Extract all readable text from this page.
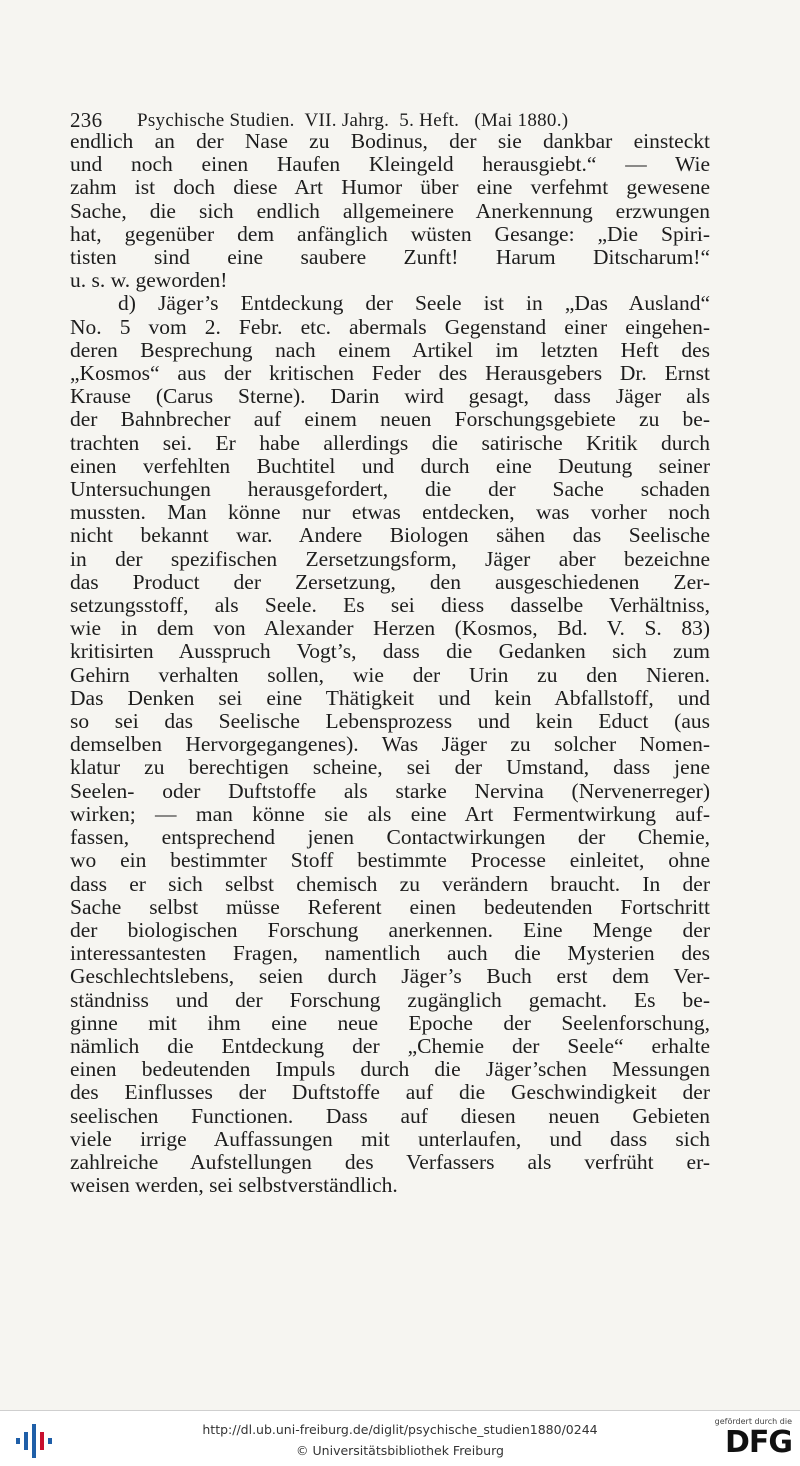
236 Psychische Studien.  VII. Jahrg.  5. Heft.   (Mai 1880.)
endlich an der Nase zu Bodinus, der sie dankbar einsteckt
und noch einen Haufen Kleingeld herausgiebt.“ — Wie
zahm ist doch diese Art Humor über eine verfehmt gewesene
Sache, die sich endlich allgemeinere Anerkennung erzwungen
hat, gegenüber dem anfänglich wüsten Gesange: „Die Spiri-
tisten sind eine saubere Zunft! Harum Ditscharum!“
u. s. w. geworden!
d) Jäger’s Entdeckung der Seele ist in „Das Ausland“
No. 5 vom 2. Febr. etc. abermals Gegenstand einer eingehen-
deren Besprechung nach einem Artikel im letzten Heft des
„Kosmos“ aus der kritischen Feder des Herausgebers Dr. Ernst
Krause (Carus Sterne). Darin wird gesagt, dass Jäger als
der Bahnbrecher auf einem neuen Forschungsgebiete zu be-
trachten sei. Er habe allerdings die satirische Kritik durch
einen verfehlten Buchtitel und durch eine Deutung seiner
Untersuchungen herausgefordert, die der Sache schaden
mussten. Man könne nur etwas entdecken, was vorher noch
nicht bekannt war. Andere Biologen sähen das Seelische
in der spezifischen Zersetzungsform, Jäger aber bezeichne
das Product der Zersetzung, den ausgeschiedenen Zer-
setzungsstoff, als Seele. Es sei diess dasselbe Verhältniss,
wie in dem von Alexander Herzen (Kosmos, Bd. V. S. 83)
kritisirten Ausspruch Vogt’s, dass die Gedanken sich zum
Gehirn verhalten sollen, wie der Urin zu den Nieren.
Das Denken sei eine Thätigkeit und kein Abfallstoff, und
so sei das Seelische Lebensprozess und kein Educt (aus
demselben Hervorgegangenes). Was Jäger zu solcher Nomen-
klatur zu berechtigen scheine, sei der Umstand, dass jene
Seelen- oder Duftstoffe als starke Nervina (Nervenerreger)
wirken; — man könne sie als eine Art Fermentwirkung auf-
fassen, entsprechend jenen Contactwirkungen der Chemie,
wo ein bestimmter Stoff bestimmte Processe einleitet, ohne
dass er sich selbst chemisch zu verändern braucht. In der
Sache selbst müsse Referent einen bedeutenden Fortschritt
der biologischen Forschung anerkennen. Eine Menge der
interessantesten Fragen, namentlich auch die Mysterien des
Geschlechtslebens, seien durch Jäger’s Buch erst dem Ver-
ständniss und der Forschung zugänglich gemacht. Es be-
ginne mit ihm eine neue Epoche der Seelenforschung,
nämlich die Entdeckung der „Chemie der Seele“ erhalte
einen bedeutenden Impuls durch die Jäger’schen Messungen
des Einflusses der Duftstoffe auf die Geschwindigkeit der
seelischen Functionen. Dass auf diesen neuen Gebieten
viele irrige Auffassungen mit unterlaufen, und dass sich
zahlreiche Aufstellungen des Verfassers als verfrüht er-
weisen werden, sei selbstverständlich.
http://dl.ub.uni-freiburg.de/diglit/psychische_studien1880/0244
© Universitätsbibliothek Freiburg
gefördert durch die
DFG
